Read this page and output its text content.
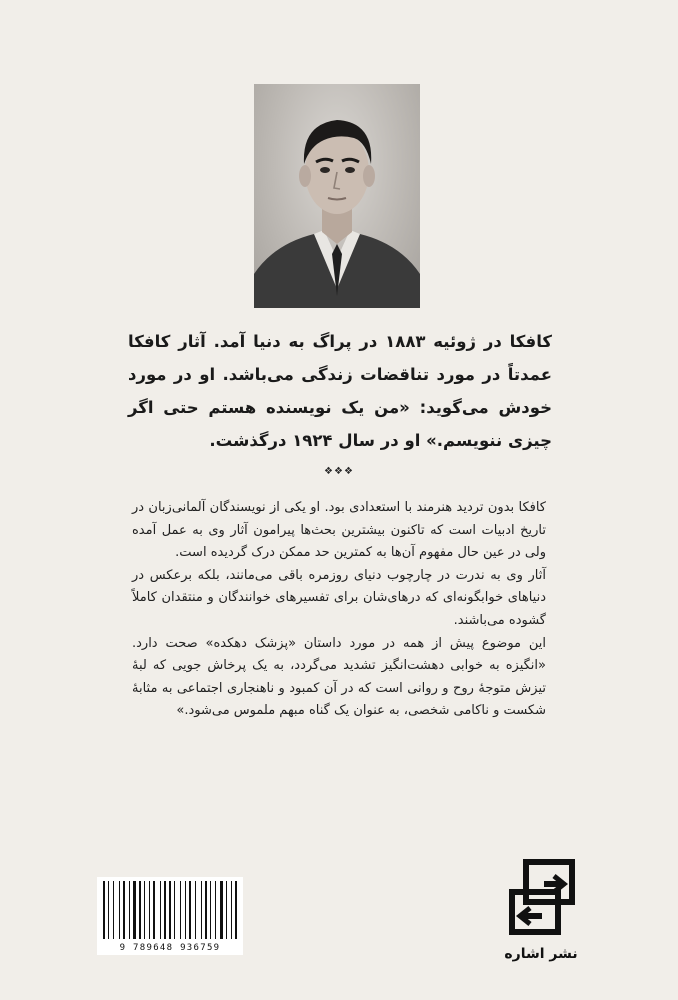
کافکا در ژوئیه ۱۸۸۳ در پراگ به دنیا آمد. آثار کافکا عمدتاً در مورد تناقضات زندگی می‌باشد. او در مورد خودش می‌گوید: «من یک نویسنده هستم حتی اگر چیزی ننویسم.» او در سال ۱۹۲۴ درگذشت.

❖❖❖

کافکا بدون تردید هنرمند با استعدادی بود. او یکی از نویسندگان آلمانی‌زبان در تاریخ ادبیات است که تاکنون بیشترین بحث‌ها پیرامون آثار وی به عمل آمده ولی در عین حال مفهوم آن‌ها به کمترین حد ممکن درک گردیده است.

آثار وی به ندرت در چارچوب دنیای روزمره باقی می‌مانند، بلکه برعکس در دنیاهای خوابگونه‌ای که درهای‌شان برای تفسیرهای خوانندگان و منتقدان کاملاً گشوده می‌باشند.

این موضوع پیش از همه در مورد داستان «پزشک دهکده» صحت دارد. «انگیزه به خوابی دهشت‌انگیز تشدید می‌گردد، به یک پرخاش جویی که لبهٔ تیزش متوجهٔ روح و روانی است که در آن کمبود و ناهنجاری اجتماعی به مثابهٔ شکست و ناکامی شخصی، به عنوان یک گناه مبهم ملموس می‌شود.»

9 789648 936759	نشر اشاره
